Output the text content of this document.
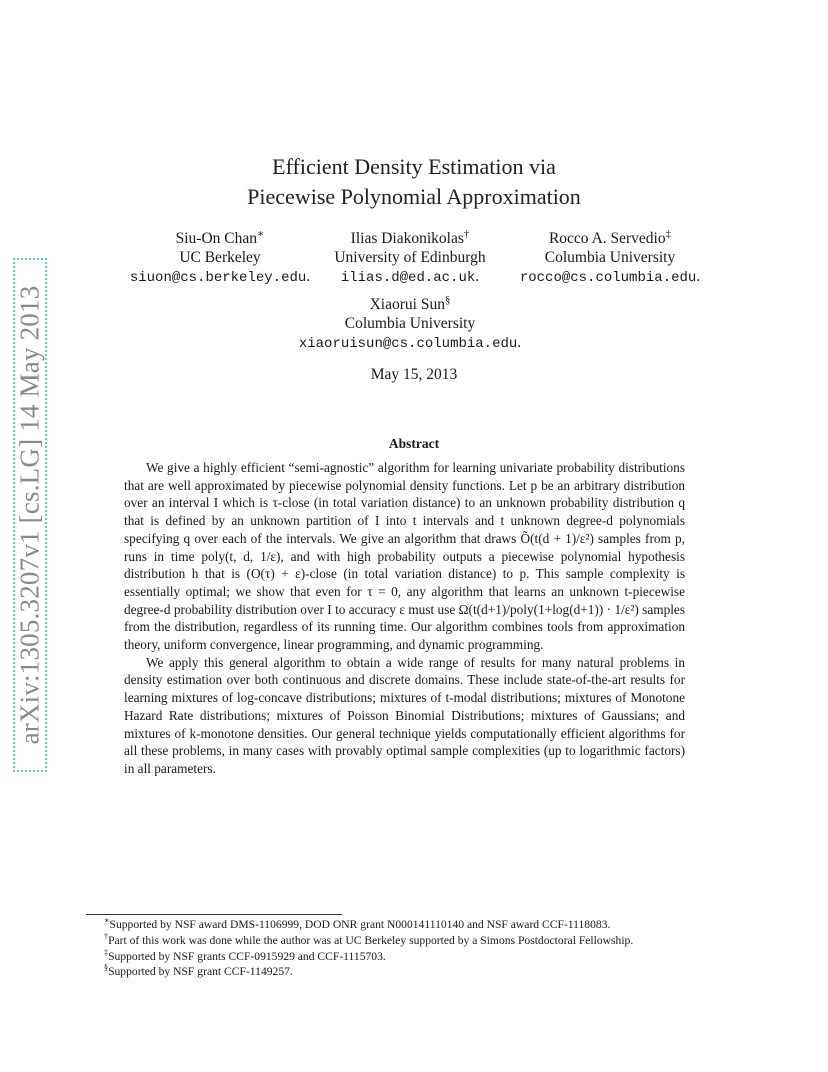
arXiv:1305.3207v1 [cs.LG] 14 May 2013
Efficient Density Estimation via
Piecewise Polynomial Approximation
Siu-On Chan∗
UC Berkeley
siuon@cs.berkeley.edu.
Ilias Diakonikolas†
University of Edinburgh
ilias.d@ed.ac.uk.
Rocco A. Servedio‡
Columbia University
rocco@cs.columbia.edu.
Xiaorui Sun§
Columbia University
xiaoruisun@cs.columbia.edu.
May 15, 2013
Abstract

We give a highly efficient “semi-agnostic” algorithm for learning univariate probability distributions that are well approximated by piecewise polynomial density functions. Let p be an arbitrary distribution over an interval I which is τ-close (in total variation distance) to an unknown probability distribution q that is defined by an unknown partition of I into t intervals and t unknown degree-d polynomials specifying q over each of the intervals. We give an algorithm that draws Õ(t(d + 1)/ε²) samples from p, runs in time poly(t, d, 1/ε), and with high probability outputs a piecewise polynomial hypothesis distribution h that is (O(τ) + ε)-close (in total variation distance) to p. This sample complexity is essentially optimal; we show that even for τ = 0, any algorithm that learns an unknown t-piecewise degree-d probability distribution over I to accuracy ε must use Ω(t(d+1)/poly(1+log(d+1)) · 1/ε²) samples from the distribution, regardless of its running time. Our algorithm combines tools from approximation theory, uniform convergence, linear programming, and dynamic programming.

We apply this general algorithm to obtain a wide range of results for many natural problems in density estimation over both continuous and discrete domains. These include state-of-the-art results for learning mixtures of log-concave distributions; mixtures of t-modal distributions; mixtures of Monotone Hazard Rate distributions; mixtures of Poisson Binomial Distributions; mixtures of Gaussians; and mixtures of k-monotone densities. Our general technique yields computationally efficient algorithms for all these problems, in many cases with provably optimal sample complexities (up to logarithmic factors) in all parameters.

∗Supported by NSF award DMS-1106999, DOD ONR grant N000141110140 and NSF award CCF-1118083.
†Part of this work was done while the author was at UC Berkeley supported by a Simons Postdoctoral Fellowship.
‡Supported by NSF grants CCF-0915929 and CCF-1115703.
§Supported by NSF grant CCF-1149257.
